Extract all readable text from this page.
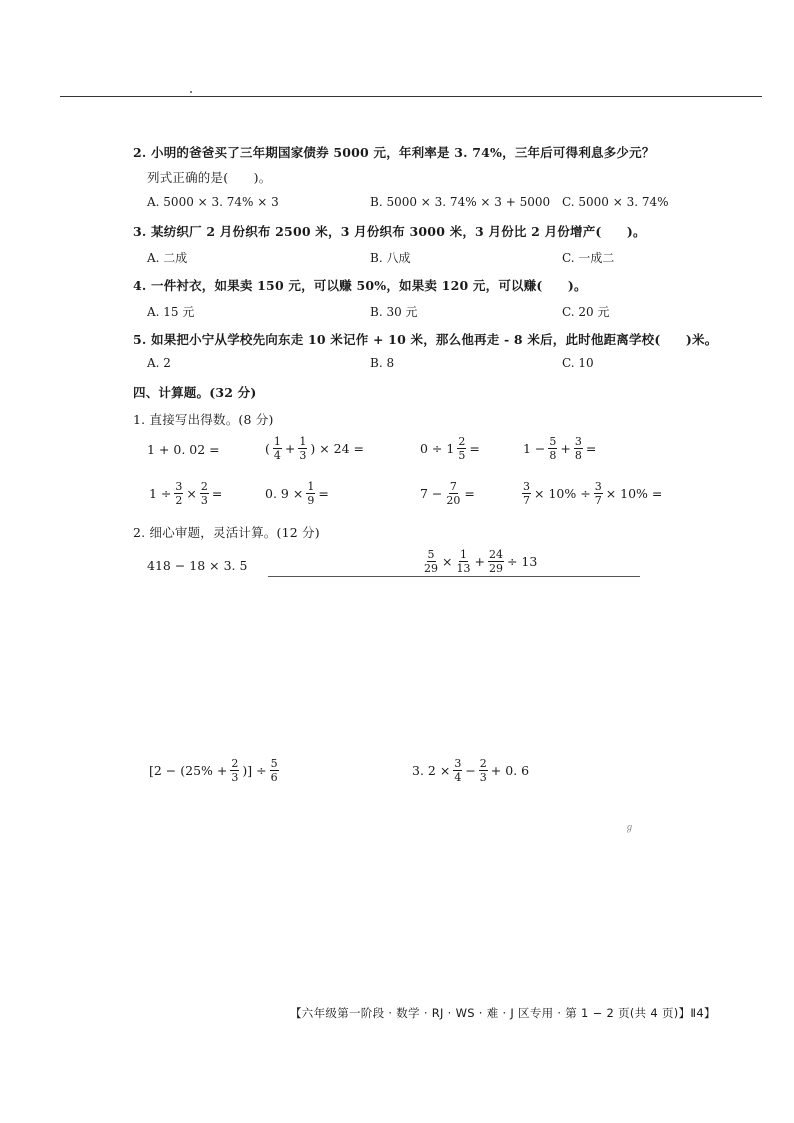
2. 小明的爸爸买了三年期国家债券 5000 元，年利率是 3. 74%，三年后可得利息多少元？
列式正确的是(　　)。
A. 5000 × 3. 74% × 3	B. 5000 × 3. 74% × 3 + 5000 C. 5000 × 3. 74%
3. 某纺织厂 2 月份织布 2500 米，3 月份织布 3000 米，3 月份比 2 月份增产(　　)。
A. 二成	B. 八成	C. 一成二
4. 一件衬衣，如果卖 150 元，可以赚 50%，如果卖 120 元，可以赚(　　)。
A. 15 元	B. 30 元	C. 20 元
5. 如果把小宁从学校先向东走 10 米记作 + 10 米，那么他再走 - 8 米后，此时他距离学校(　　)米。
A. 2	B. 8	C. 10
四、计算题。(32 分)
1. 直接写出得数。(8 分)
1 + 0. 02 =	( $\frac{1}{4} + \frac{1}{3}$ ) × 24 =	$0 \div 1 \frac{2}{5}$ =	$1 - \frac{5}{8} + \frac{3}{8}$ =
$1 \div \frac{3}{2} \times \frac{2}{3}$ =	0. $9 \times \frac{1}{9}$ =	$7 - \frac{7}{20}$ =	$\frac{3}{7} \times 10\% \div \frac{3}{7} \times 10\%$ =
2. 细心审题，灵活计算。(12 分)
418 − 18 × 3. 5	$\frac{5}{29} \times \frac{1}{13} + \frac{24}{29} \div 13$
[$2 - (25\% + \frac{2}{3}$ )] ÷ $\frac{5}{6}$	3. $2 \times \frac{3}{4} - \frac{2}{3} + 0$. 6
ℊ
【六年级第一阶段 · 数学 · RJ · WS · 难 · J 区专用 · 第 1 − 2 页(共 4 页)】Ⅱ4】
